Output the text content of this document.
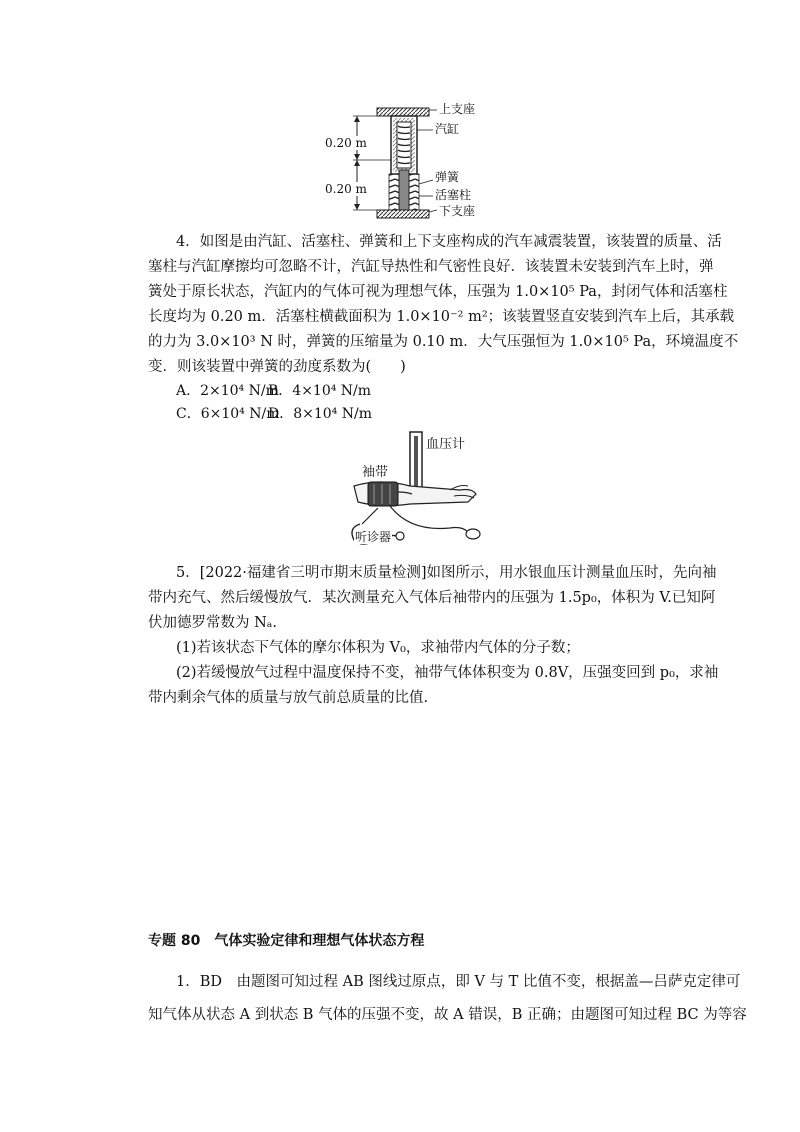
0.20 m
0.20 m
上支座
汽缸
弹簧
活塞柱
下支座
4．如图是由汽缸、活塞柱、弹簧和上下支座构成的汽车减震装置，该装置的质量、活
塞柱与汽缸摩擦均可忽略不计，汽缸导热性和气密性良好．该装置未安装到汽车上时，弹
簧处于原长状态，汽缸内的气体可视为理想气体，压强为 1.0×10⁵ Pa，封闭气体和活塞柱
长度均为 0.20 m．活塞柱横截面积为 1.0×10⁻² m²；该装置竖直安装到汽车上后，其承载
的力为 3.0×10³ N 时，弹簧的压缩量为 0.10 m．大气压强恒为 1.0×10⁵ Pa，环境温度不
变．则该装置中弹簧的劲度系数为(　　)
A．2×10⁴ N/m
B．4×10⁴ N/m
C．6×10⁴ N/m
D．8×10⁴ N/m
血压计
袖带
听诊器
5．[2022·福建省三明市期末质量检测]如图所示，用水银血压计测量血压时，先向袖
带内充气、然后缓慢放气．某次测量充入气体后袖带内的压强为 1.5p₀，体积为 V.已知阿
伏加德罗常数为 Nₐ.
(1)若该状态下气体的摩尔体积为 V₀，求袖带内气体的分子数；
(2)若缓慢放气过程中温度保持不变，袖带气体体积变为 0.8V，压强变回到 p₀，求袖
带内剩余气体的质量与放气前总质量的比值.
专题 80　气体实验定律和理想气体状态方程
1．BD　由题图可知过程 AB 图线过原点，即 V 与 T 比值不变，根据盖—吕萨克定律可
知气体从状态 A 到状态 B 气体的压强不变，故 A 错误，B 正确；由题图可知过程 BC 为等容
